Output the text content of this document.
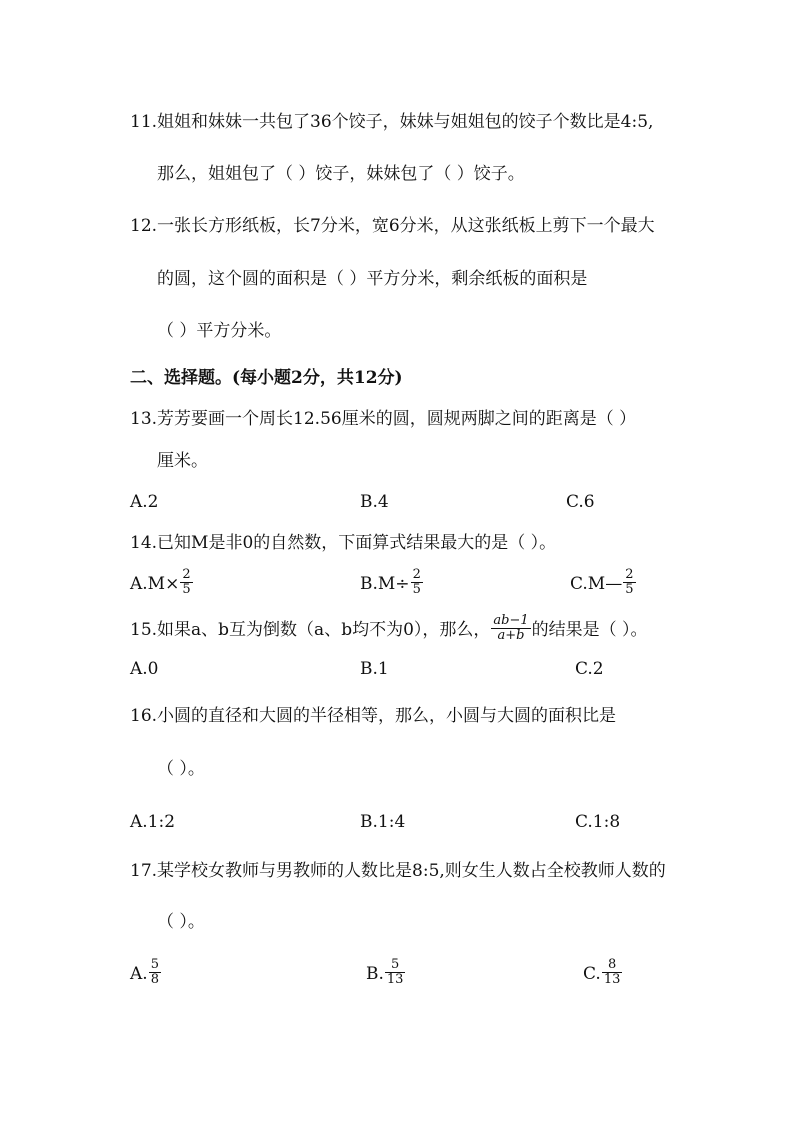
11.姐姐和妹妹一共包了36个饺子，妹妹与姐姐包的饺子个数比是4:5,
那么，姐姐包了（ ）饺子，妹妹包了（ ）饺子。
12.一张长方形纸板，长7分米，宽6分米，从这张纸板上剪下一个最大
的圆，这个圆的面积是（ ）平方分米，剩余纸板的面积是
（ ）平方分米。
二、选择题。(每小题2分，共12分)
13.芳芳要画一个周长12.56厘米的圆，圆规两脚之间的距离是（ ）
厘米。
A.2	B.4	C.6
14.已知M是非0的自然数，下面算式结果最大的是（ ）。
$A.M\times \frac{2}{5}$	$B.M\div \frac{2}{5}$	C.M— $\frac{2}{5}$
15.如果a、b互为倒数（a、b均不为0），那么， $\frac{ab-1}{a+b}$ 的结果是（ ）。
A.0	B.1	C.2
16.小圆的直径和大圆的半径相等，那么，小圆与大圆的面积比是
（ ）。
A.1:2	B.1:4	C.1:8
17.某学校女教师与男教师的人数比是8:5,则女生人数占全校教师人数的
（ ）。
A. $\frac{5}{8}$	B. $\frac{5}{13}$	C. $\frac{8}{13}$
